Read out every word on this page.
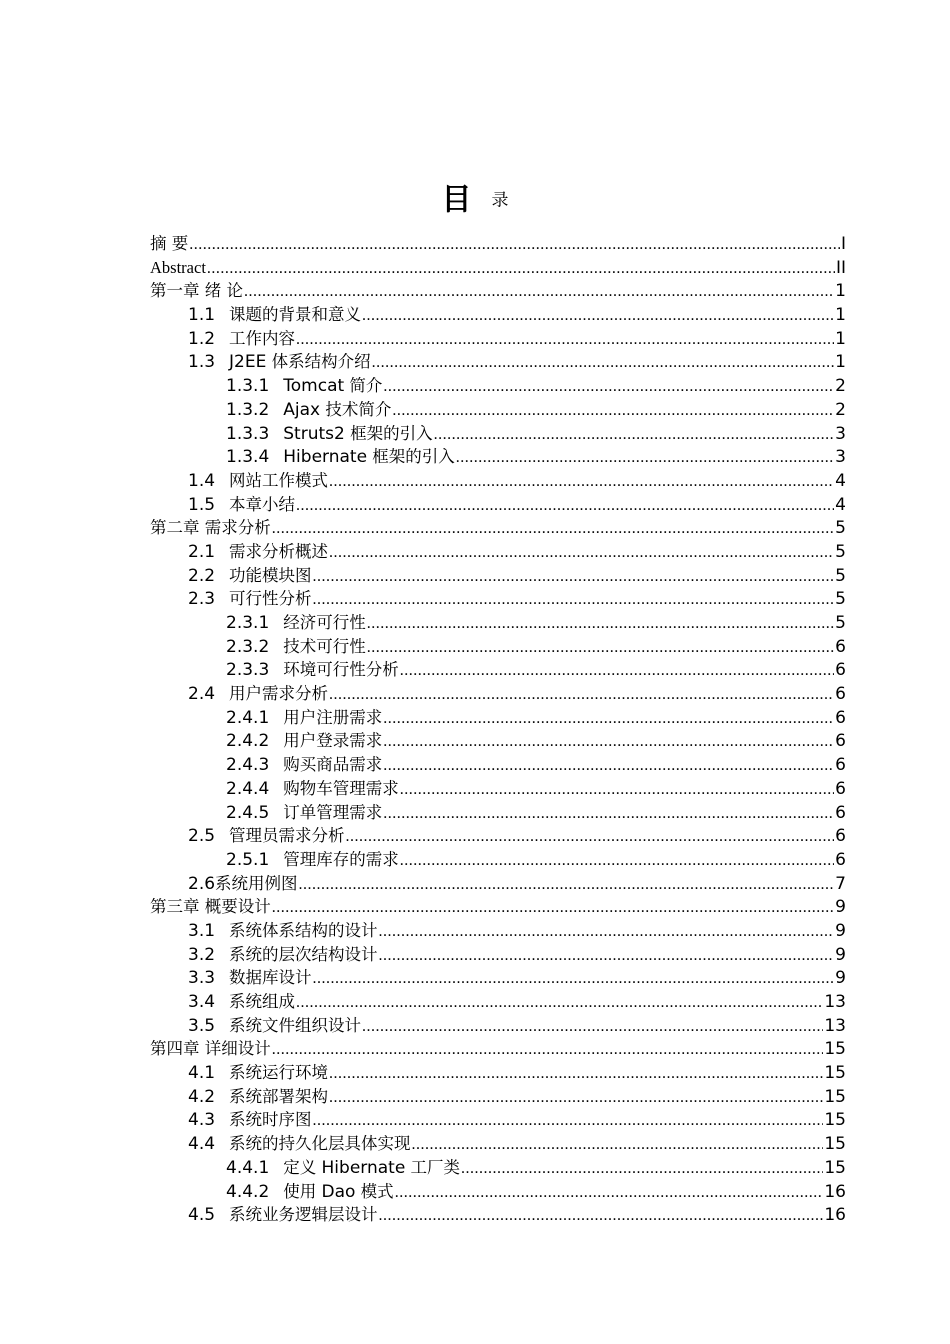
目 录
摘 要 .....	I
Abstract .....	II
第一章 绪 论 .....	1
1.1 课题的背景和意义 .....	1
1.2 工作内容 .....	1
1.3 J2EE 体系结构介绍 .....	1
1.3.1 Tomcat 简介 .....	2
1.3.2 Ajax 技术简介 .....	2
1.3.3 Struts2 框架的引入 .....	3
1.3.4 Hibernate 框架的引入 .....	3
1.4 网站工作模式 .....	4
1.5 本章小结 .....	4
第二章 需求分析 .....	5
2.1 需求分析概述 .....	5
2.2 功能模块图 .....	5
2.3 可行性分析 .....	5
2.3.1 经济可行性 .....	5
2.3.2 技术可行性 .....	6
2.3.3 环境可行性分析 .....	6
2.4 用户需求分析 .....	6
2.4.1 用户注册需求 .....	6
2.4.2 用户登录需求 .....	6
2.4.3 购买商品需求 .....	6
2.4.4 购物车管理需求 .....	6
2.4.5 订单管理需求 .....	6
2.5 管理员需求分析 .....	6
2.5.1 管理库存的需求 .....	6
2.6 系统用例图 .....	7
第三章 概要设计 .....	9
3.1 系统体系结构的设计 .....	9
3.2 系统的层次结构设计 .....	9
3.3 数据库设计 .....	9
3.4 系统组成 .....	13
3.5 系统文件组织设计 .....	13
第四章 详细设计 .....	15
4.1 系统运行环境 .....	15
4.2 系统部署架构 .....	15
4.3 系统时序图 .....	15
4.4 系统的持久化层具体实现 .....	15
4.4.1 定义 Hibernate 工厂类 .....	15
4.4.2 使用 Dao 模式 .....	16
4.5 系统业务逻辑层设计 .....	16
